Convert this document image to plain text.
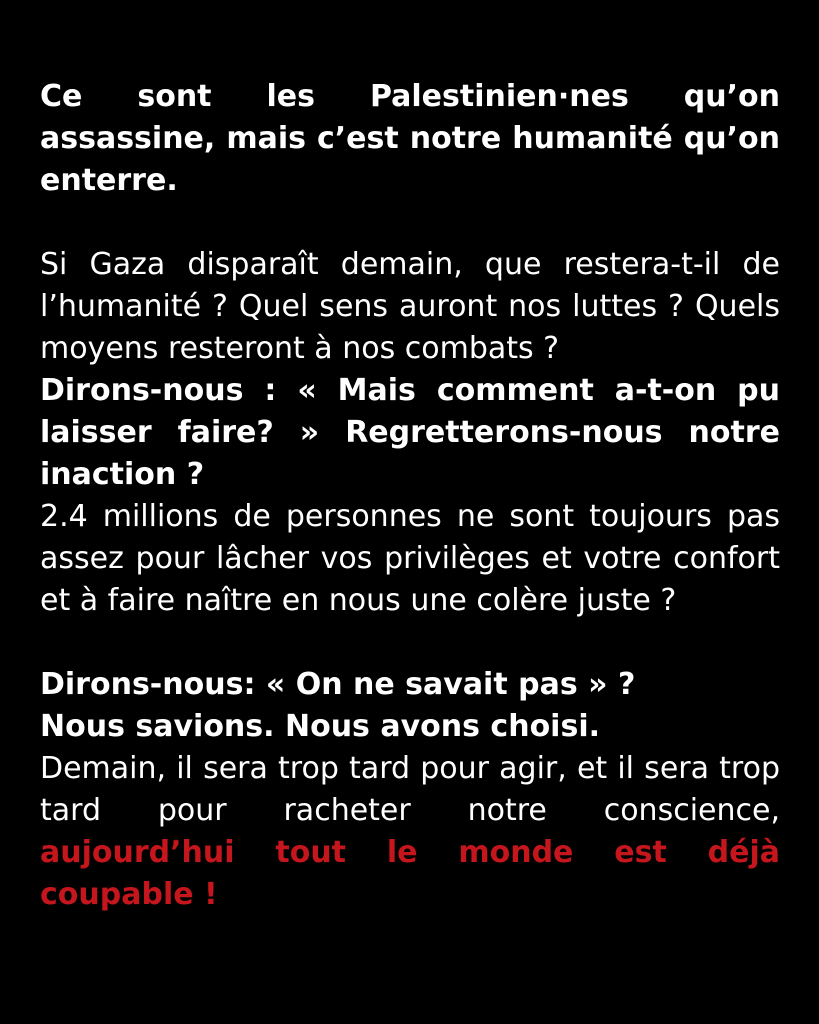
Ce sont les Palestinien·nes qu’on assassine, mais c’est notre humanité qu’on enterre.

Si Gaza disparaît demain, que restera-t-il de l’humanité ? Quel sens auront nos luttes ? Quels moyens resteront à nos combats ?

Dirons-nous : « Mais comment a-t-on pu laisser faire? » Regretterons-nous notre inaction ?

2.4 millions de personnes ne sont toujours pas assez pour lâcher vos privilèges et votre confort et à faire naître en nous une colère juste ?

Dirons-nous: « On ne savait pas » ?

Nous savions. Nous avons choisi.

Demain, il sera trop tard pour agir, et il sera trop tard pour racheter notre conscience,

aujourd’hui tout le monde est déjà coupable !
